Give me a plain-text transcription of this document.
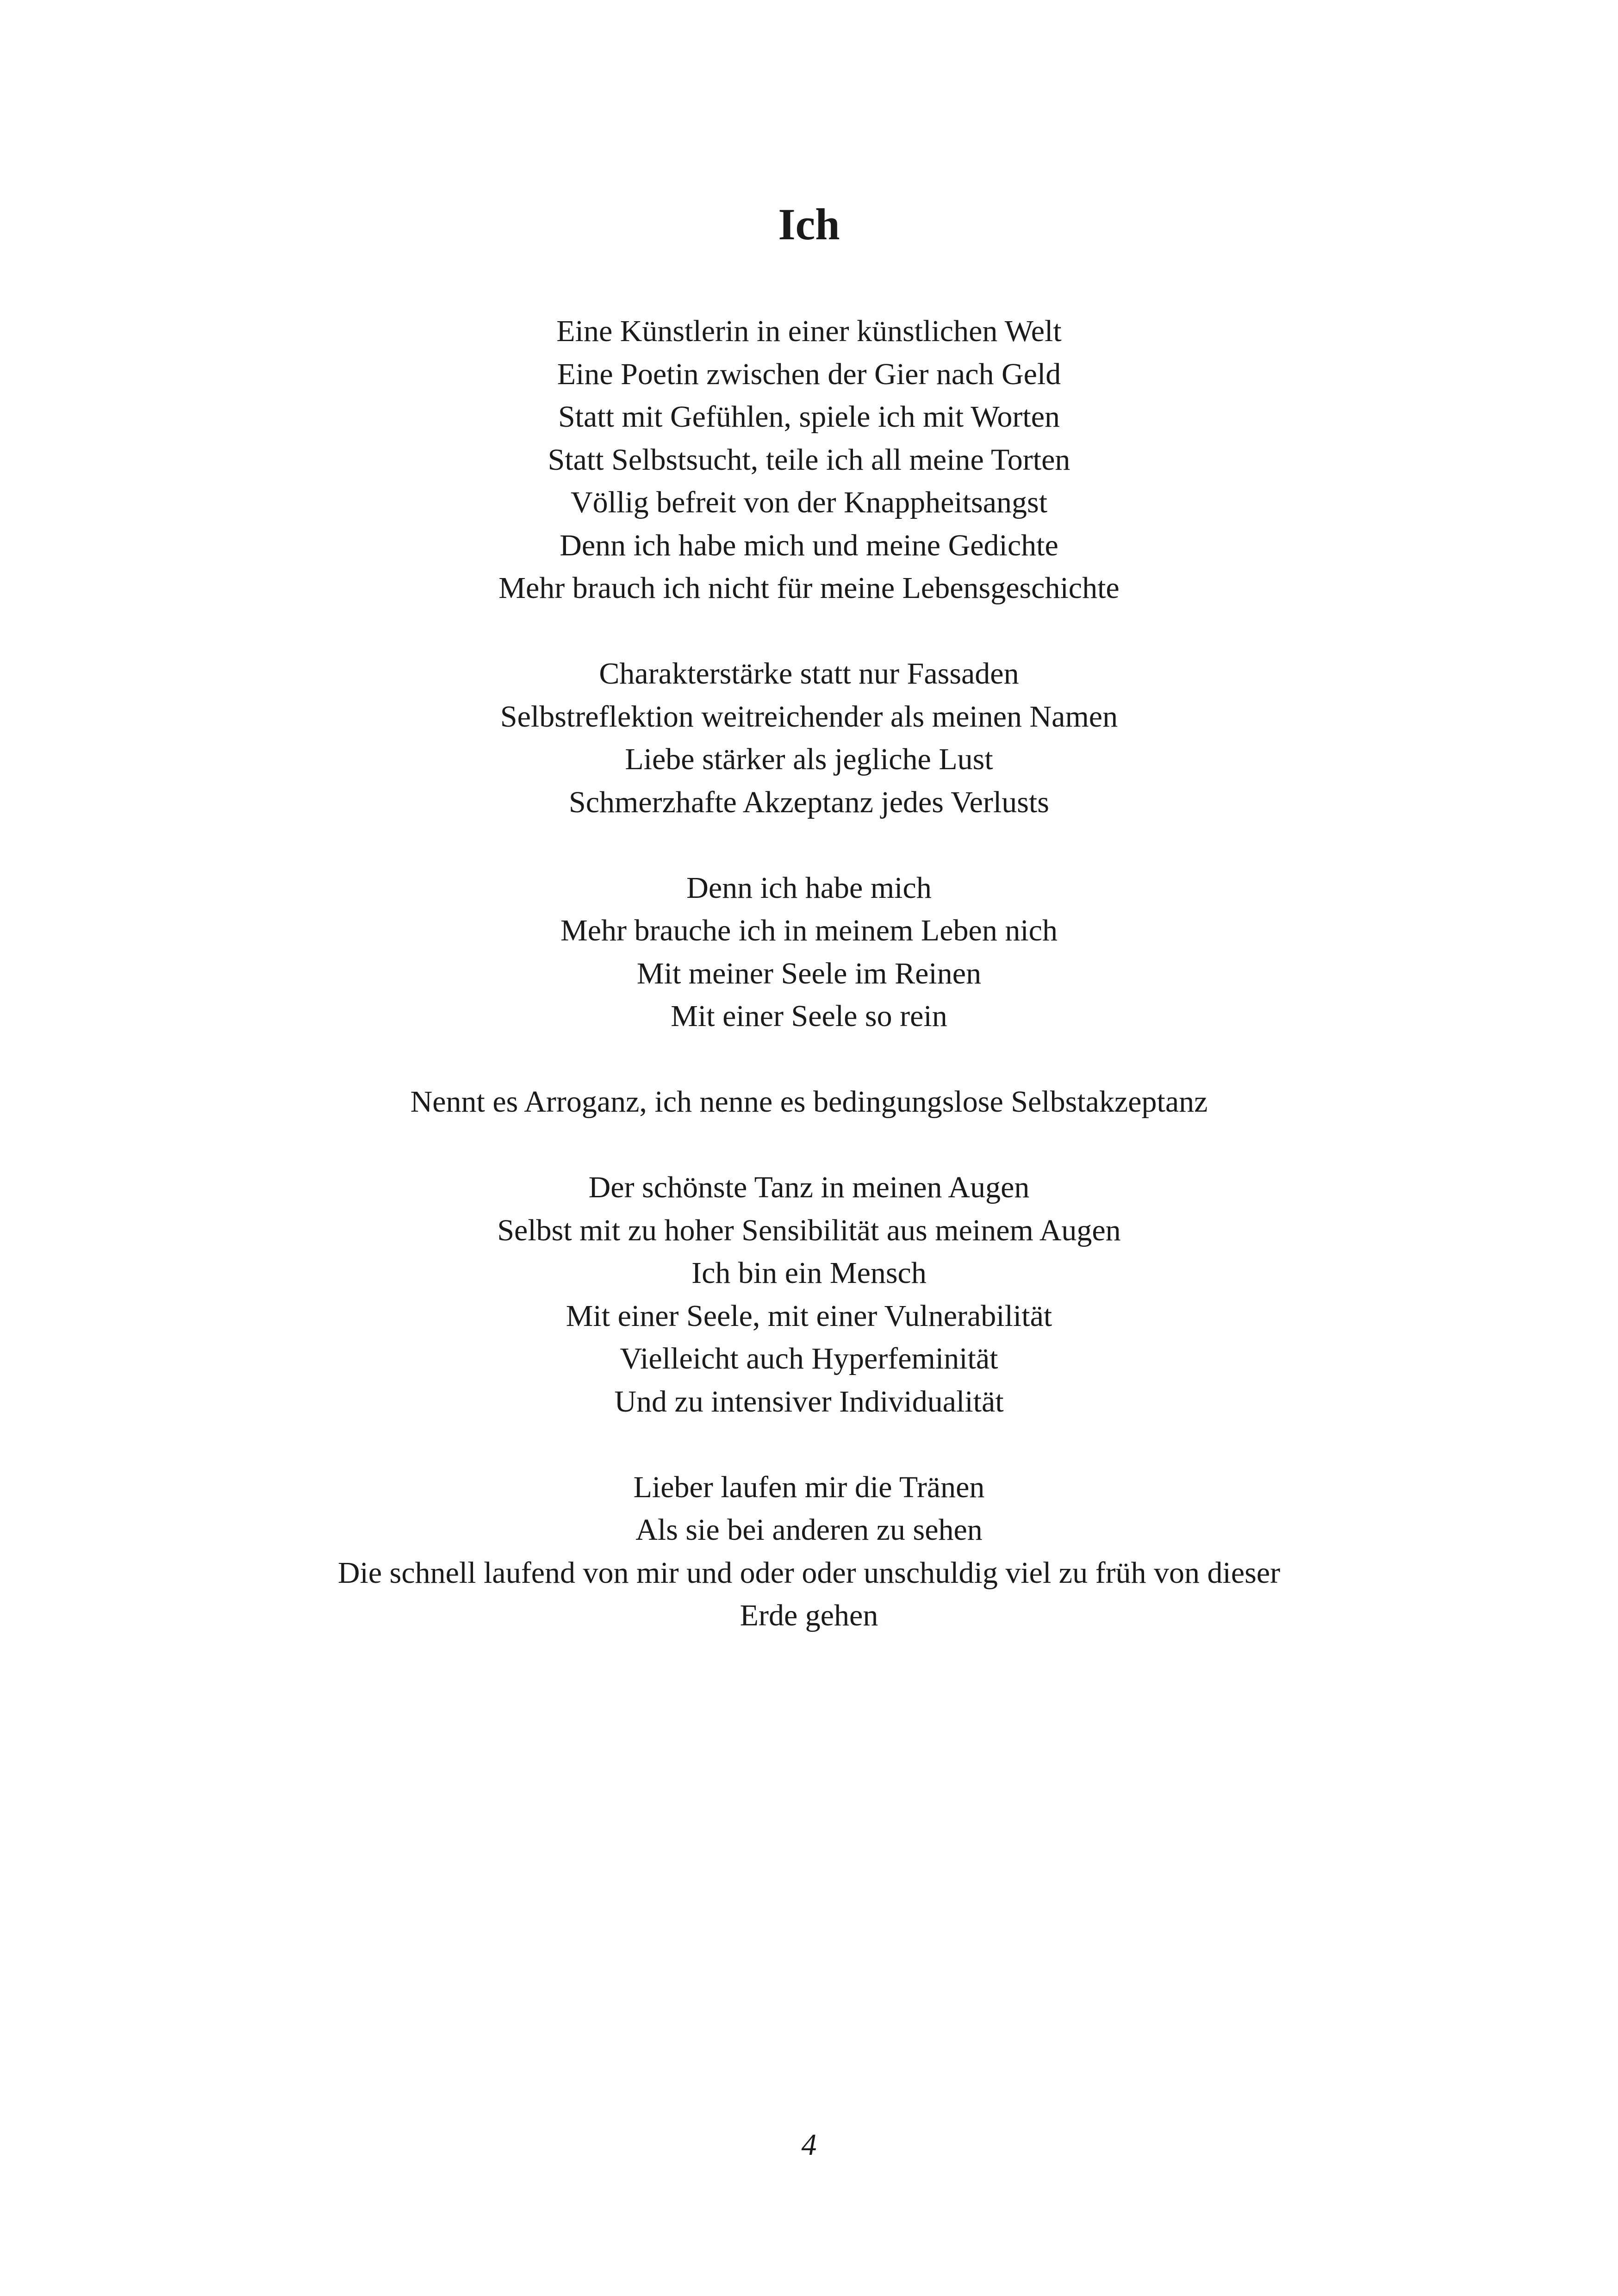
Ich
Eine Künstlerin in einer künstlichen Welt
Eine Poetin zwischen der Gier nach Geld
Statt mit Gefühlen, spiele ich mit Worten
Statt Selbstsucht, teile ich all meine Torten
Völlig befreit von der Knappheitsangst
Denn ich habe mich und meine Gedichte
Mehr brauch ich nicht für meine Lebensgeschichte
Charakterstärke statt nur Fassaden
Selbstreflektion weitreichender als meinen Namen
Liebe stärker als jegliche Lust
Schmerzhafte Akzeptanz jedes Verlusts
Denn ich habe mich
Mehr brauche ich in meinem Leben nich
Mit meiner Seele im Reinen
Mit einer Seele so rein
Nennt es Arroganz, ich nenne es bedingungslose Selbstakzeptanz
Der schönste Tanz in meinen Augen
Selbst mit zu hoher Sensibilität aus meinem Augen
Ich bin ein Mensch
Mit einer Seele, mit einer Vulnerabilität
Vielleicht auch Hyperfeminität
Und zu intensiver Individualität
Lieber laufen mir die Tränen
Als sie bei anderen zu sehen
Die schnell laufend von mir und oder oder unschuldig viel zu früh von dieser
Erde gehen
4
